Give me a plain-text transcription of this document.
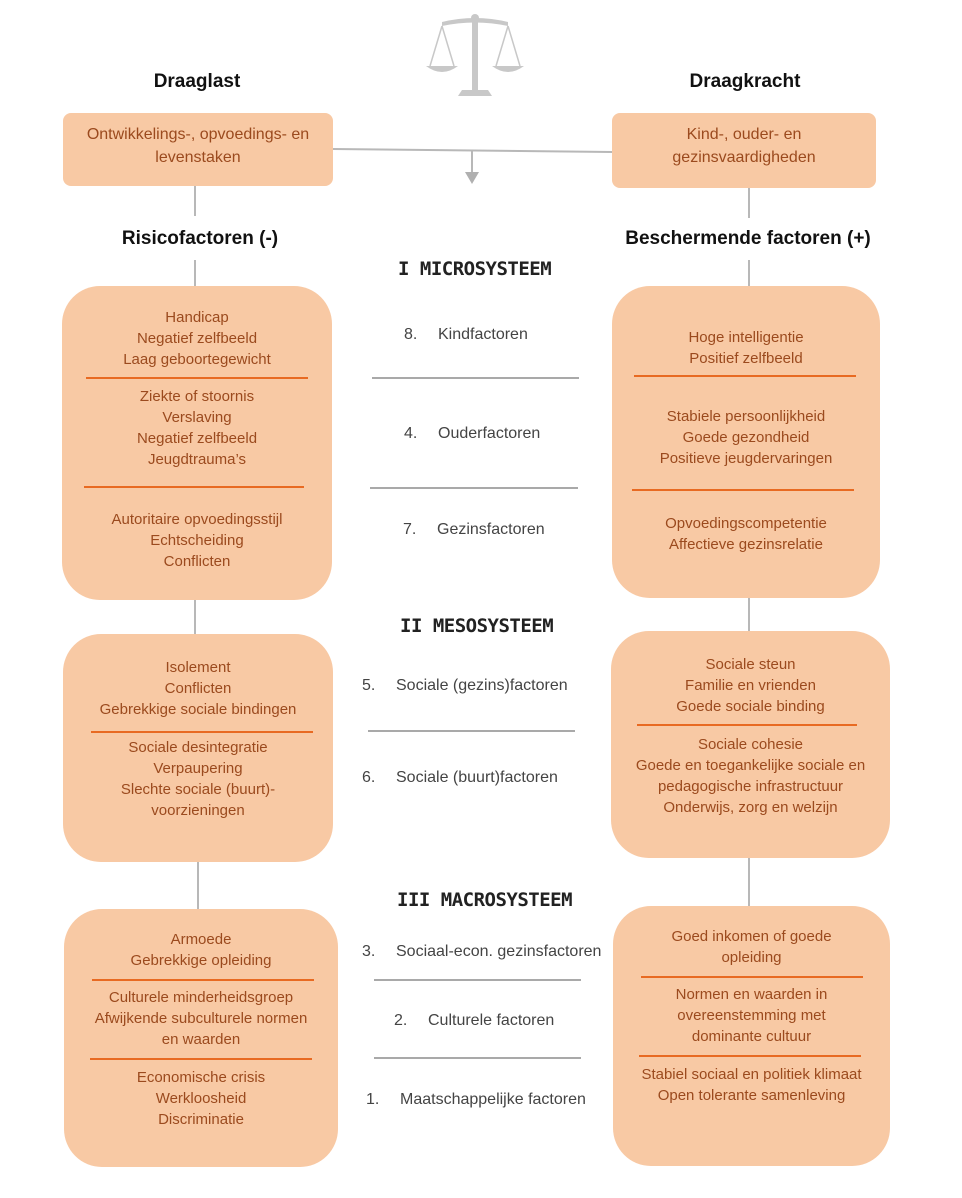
Draaglast	Draagkracht
Ontwikkelings-, opvoedings- en
levenstaken
Kind-, ouder- en
gezinsvaardigheden
Risicofactoren (-)	Beschermende factoren (+)
I MICROSYSTEEM
II MESOSYSTEEM
III MACROSYSTEEM
8. Kindfactoren
4. Ouderfactoren
7. Gezinsfactoren
5. Sociale (gezins)factoren
6. Sociale (buurt)factoren
3. Sociaal-econ. gezinsfactoren
2. Culturele factoren
1. Maatschappelijke factoren
Handicap
Negatief zelfbeeld
Laag geboortegewicht
Ziekte of stoornis
Verslaving
Negatief zelfbeeld
Jeugdtrauma’s
Autoritaire opvoedingsstijl
Echtscheiding
Conflicten
Hoge intelligentie
Positief zelfbeeld
Stabiele persoonlijkheid
Goede gezondheid
Positieve jeugdervaringen
Opvoedingscompetentie
Affectieve gezinsrelatie
Isolement
Conflicten
Gebrekkige sociale bindingen
Sociale desintegratie
Verpaupering
Slechte sociale (buurt)-
voorzieningen
Sociale steun
Familie en vrienden
Goede sociale binding
Sociale cohesie
Goede en toegankelijke sociale en
pedagogische infrastructuur
Onderwijs, zorg en welzijn
Armoede
Gebrekkige opleiding
Culturele minderheidsgroep
Afwijkende subculturele normen
en waarden
Economische crisis
Werkloosheid
Discriminatie
Goed inkomen of goede
opleiding
Normen en waarden in
overeenstemming met
dominante cultuur
Stabiel sociaal en politiek klimaat
Open tolerante samenleving
